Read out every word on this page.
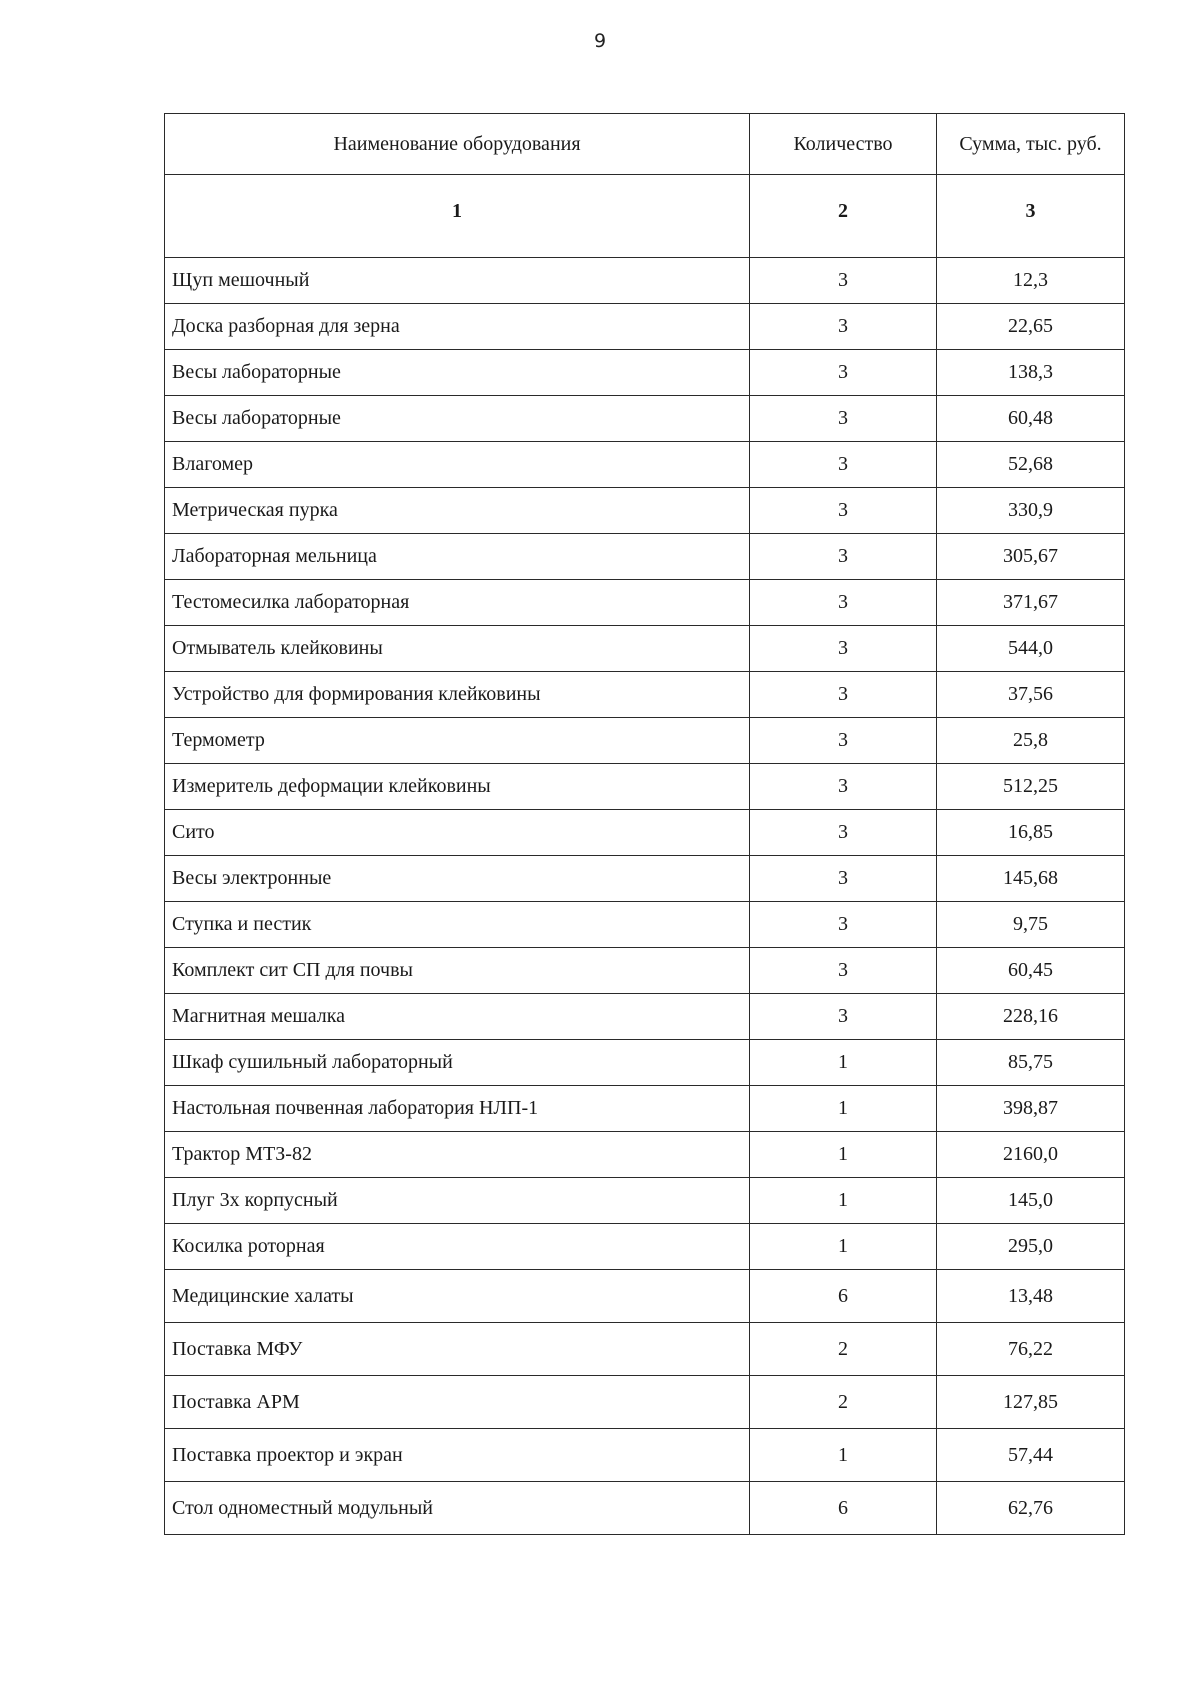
9
Наименование оборудования	Количество	Сумма, тыс. руб.
1	2	3
Щуп мешочный	3	12,3
Доска разборная для зерна	3	22,65
Весы лабораторные	3	138,3
Весы лабораторные	3	60,48
Влагомер	3	52,68
Метрическая пурка	3	330,9
Лабораторная мельница	3	305,67
Тестомесилка лабораторная	3	371,67
Отмыватель клейковины	3	544,0
Устройство для формирования клейковины	3	37,56
Термометр	3	25,8
Измеритель деформации клейковины	3	512,25
Сито	3	16,85
Весы электронные	3	145,68
Ступка и пестик	3	9,75
Комплект сит СП для почвы	3	60,45
Магнитная мешалка	3	228,16
Шкаф сушильный лабораторный	1	85,75
Настольная почвенная лаборатория НЛП-1	1	398,87
Трактор МТЗ-82	1	2160,0
Плуг 3х корпусный	1	145,0
Косилка роторная	1	295,0
Медицинские халаты	6	13,48
Поставка МФУ	2	76,22
Поставка АРМ	2	127,85
Поставка проектор и экран	1	57,44
Стол одноместный модульный	6	62,76
